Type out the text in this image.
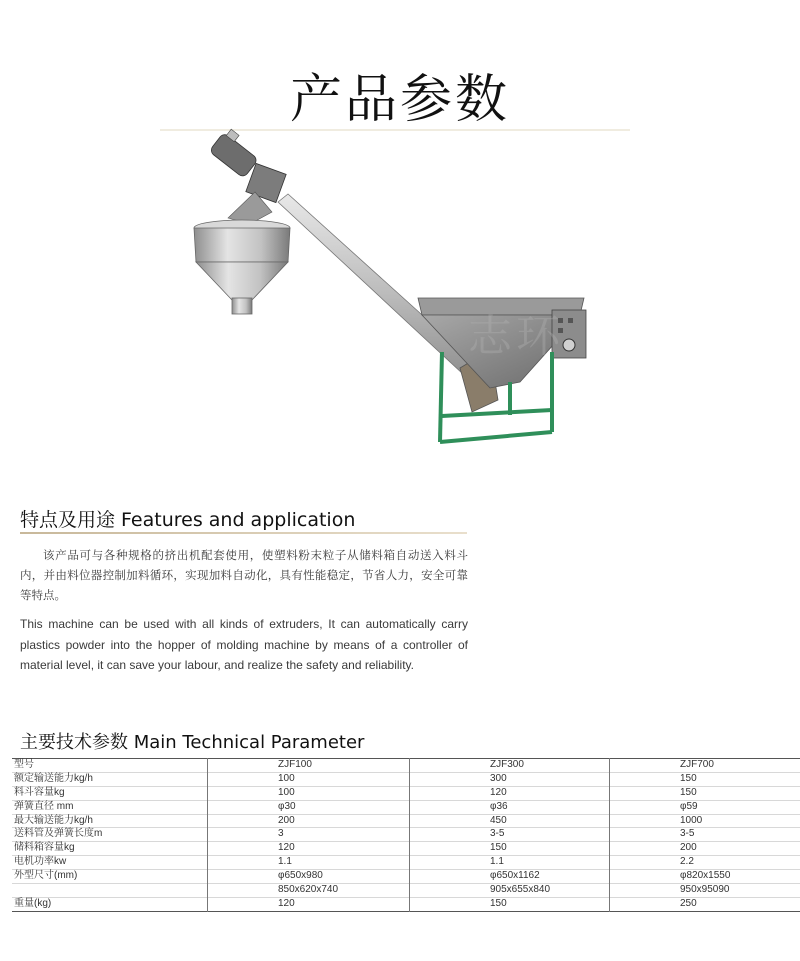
产品参数
志环
特点及用途 Features and application
该产品可与各种规格的挤出机配套使用，使塑料粉末粒子从储料箱自动送入料斗内，并由料位器控制加料循环，实现加料自动化，具有性能稳定，节省人力，安全可靠等特点。
This machine can be used with all kinds of extruders, It can automatically carry plastics powder into the hopper of molding machine by means of a controller of material level, it can save your labour, and realize the safety and reliability.
主要技术参数 Main Technical Parameter
型号	ZJF100	ZJF300	ZJF700
额定输送能力kg/h	100	300	150
料斗容量kg	100	120	150
弹簧直径 mm	φ30	φ36	φ59
最大输送能力kg/h	200	450	1000
送料管及弹簧长度m	3	3-5	3-5
储料箱容量kg	120	150	200
电机功率kw	1.1	1.1	2.2
外型尺寸(mm)	φ650x980	φ650x1162	φ820x1550
	850x620x740	905x655x840	950x95090
重量(kg)	120	150	250
